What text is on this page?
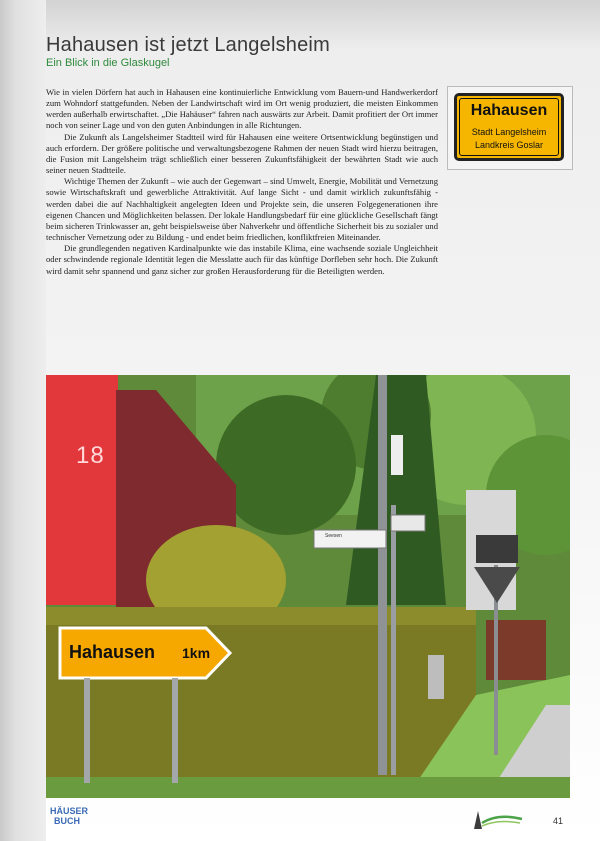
Hahausen ist jetzt Langelsheim
Ein Blick in die Glaskugel

Wie in vielen Dörfern hat auch in Hahausen eine kontinuierliche Entwicklung vom Bauern-und Handwerkerdorf zum Wohndorf stattgefunden. Neben der Landwirtschaft wird im Ort wenig produziert, die meisten Einkommen werden außerhalb erwirtschaftet. „Die Hahäuser“ fahren nach auswärts zur Arbeit. Damit profitiert der Ort immer noch von seiner Lage und von den guten Anbindungen in alle Richtungen.

Die Zukunft als Langelsheimer Stadtteil wird für Hahausen eine weitere Ortsentwicklung begünstigen und auch erfordern. Der größere politische und verwaltungsbezogene Rahmen der neuen Stadt wird hierzu beitragen, die Fusion mit Langelsheim trägt schließlich einer besseren Zukunftsfähigkeit der bewährten Stadt wie auch seiner neuen Stadtteile.

Wichtige Themen der Zukunft – wie auch der Gegenwart – sind Umwelt, Energie, Mobilität und Vernetzung sowie Wirtschaftskraft und gewerbliche Attraktivität. Auf lange Sicht - und damit wirklich zukunftsfähig - werden dabei die auf Nachhaltigkeit angelegten Ideen und Projekte sein, die unseren Folgegenerationen ihre eigenen Chancen und Möglichkeiten belassen. Der lokale Handlungsbedarf für eine glückliche Gesellschaft fängt beim sicheren Trinkwasser an, geht beispielsweise über Nahverkehr und öffentliche Sicherheit bis zu sozialer und technischer Vernetzung oder zu Bildung - und endet beim friedlichen, konfliktfreien Miteinander.

Die grundlegenden negativen Kardinalpunkte wie das instabile Klima, eine wachsende soziale Ungleichheit oder schwindende regionale Identität legen die Messlatte auch für das künftige Dorfleben sehr hoch. Die Zukunft wird damit sehr spannend und ganz sicher zur großen Herausforderung für die Beteiligten werden.

Hahausen
Stadt Langelsheim
Landkreis Goslar
18
Hahausen 1km
Seesen
HÄUSER
BUCH	41
